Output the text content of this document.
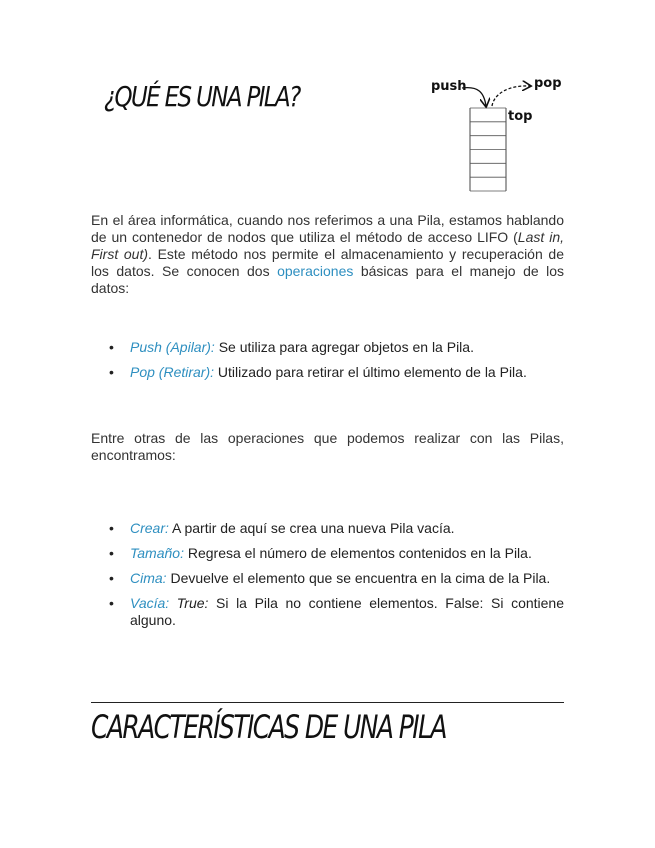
¿QUÉ ES UNA PILA?	push	pop
top

En el área informática, cuando nos referimos a una Pila, estamos hablando de un contenedor de nodos que utiliza el método de acceso LIFO (Last in, First out). Este método nos permite el almacenamiento y recuperación de los datos. Se conocen dos operaciones básicas para el manejo de los datos:

• Push (Apilar): Se utiliza para agregar objetos en la Pila.
• Pop (Retirar): Utilizado para retirar el último elemento de la Pila.

Entre otras de las operaciones que podemos realizar con las Pilas, encontramos:

• Crear: A partir de aquí se crea una nueva Pila vacía.
• Tamaño: Regresa el número de elementos contenidos en la Pila.
• Cima: Devuelve el elemento que se encuentra en la cima de la Pila.
• Vacía: True: Si la Pila no contiene elementos. False: Si contiene alguno.
CARACTERÍSTICAS DE UNA PILA
